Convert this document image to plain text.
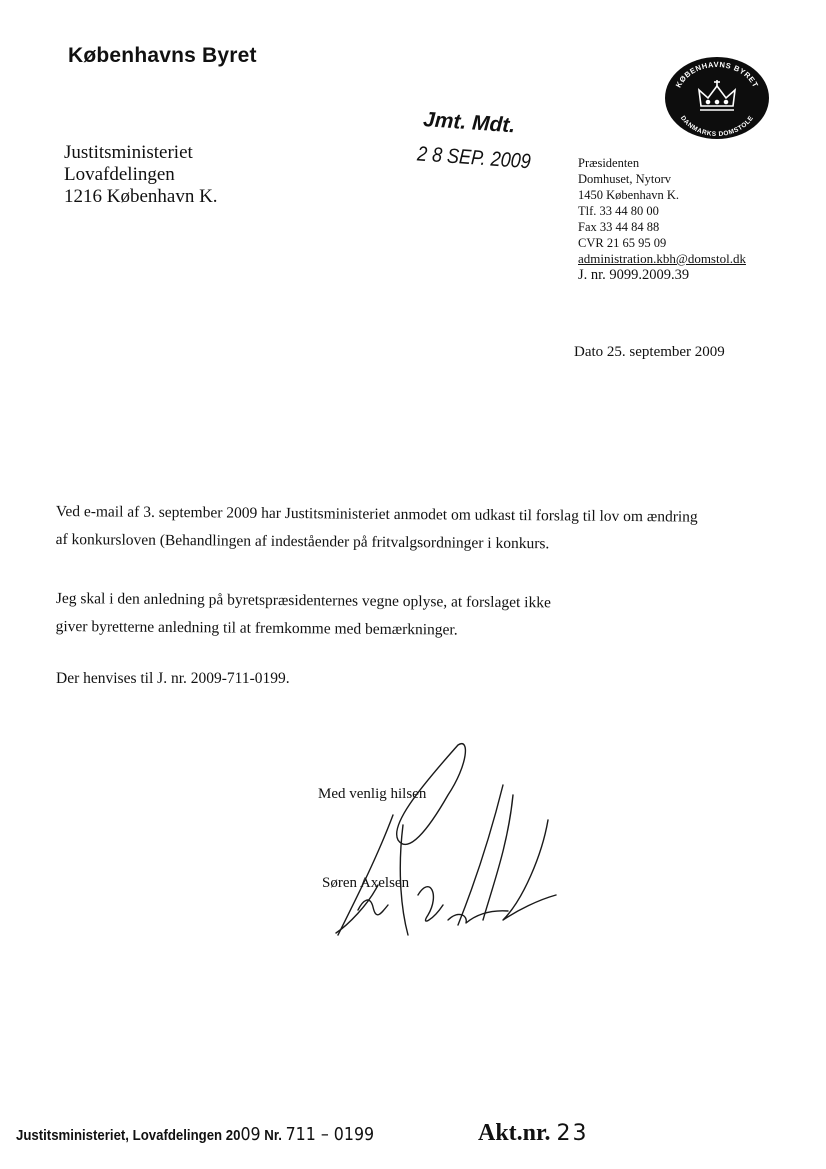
Københavns Byret
Justitsministeriet
Lovafdelingen
1216 København K.
Jmt. Mdt.
2 8 SEP. 2009
KØBENHAVNS BYRET
DANMARKS DOMSTOLE
Præsidenten
Domhuset, Nytorv
1450 København K.
Tlf. 33 44 80 00
Fax 33 44 84 88
CVR 21 65 95 09
administration.kbh@domstol.dk
J. nr. 9099.2009.39
Dato 25. september 2009
Ved e-mail af 3. september 2009 har Justitsministeriet anmodet om udkast til forslag til lov om ændring
af konkursloven (Behandlingen af indeståender på fritvalgsordninger i konkurs.
Jeg skal i den anledning på byretspræsidenternes vegne oplyse, at forslaget ikke
giver byretterne anledning til at fremkomme med bemærkninger.
Der henvises til J. nr. 2009-711-0199.
Med venlig hilsen
Søren Axelsen
Justitsministeriet, Lovafdelingen 2009 Nr. 711 – 0199	Akt.nr. 23
